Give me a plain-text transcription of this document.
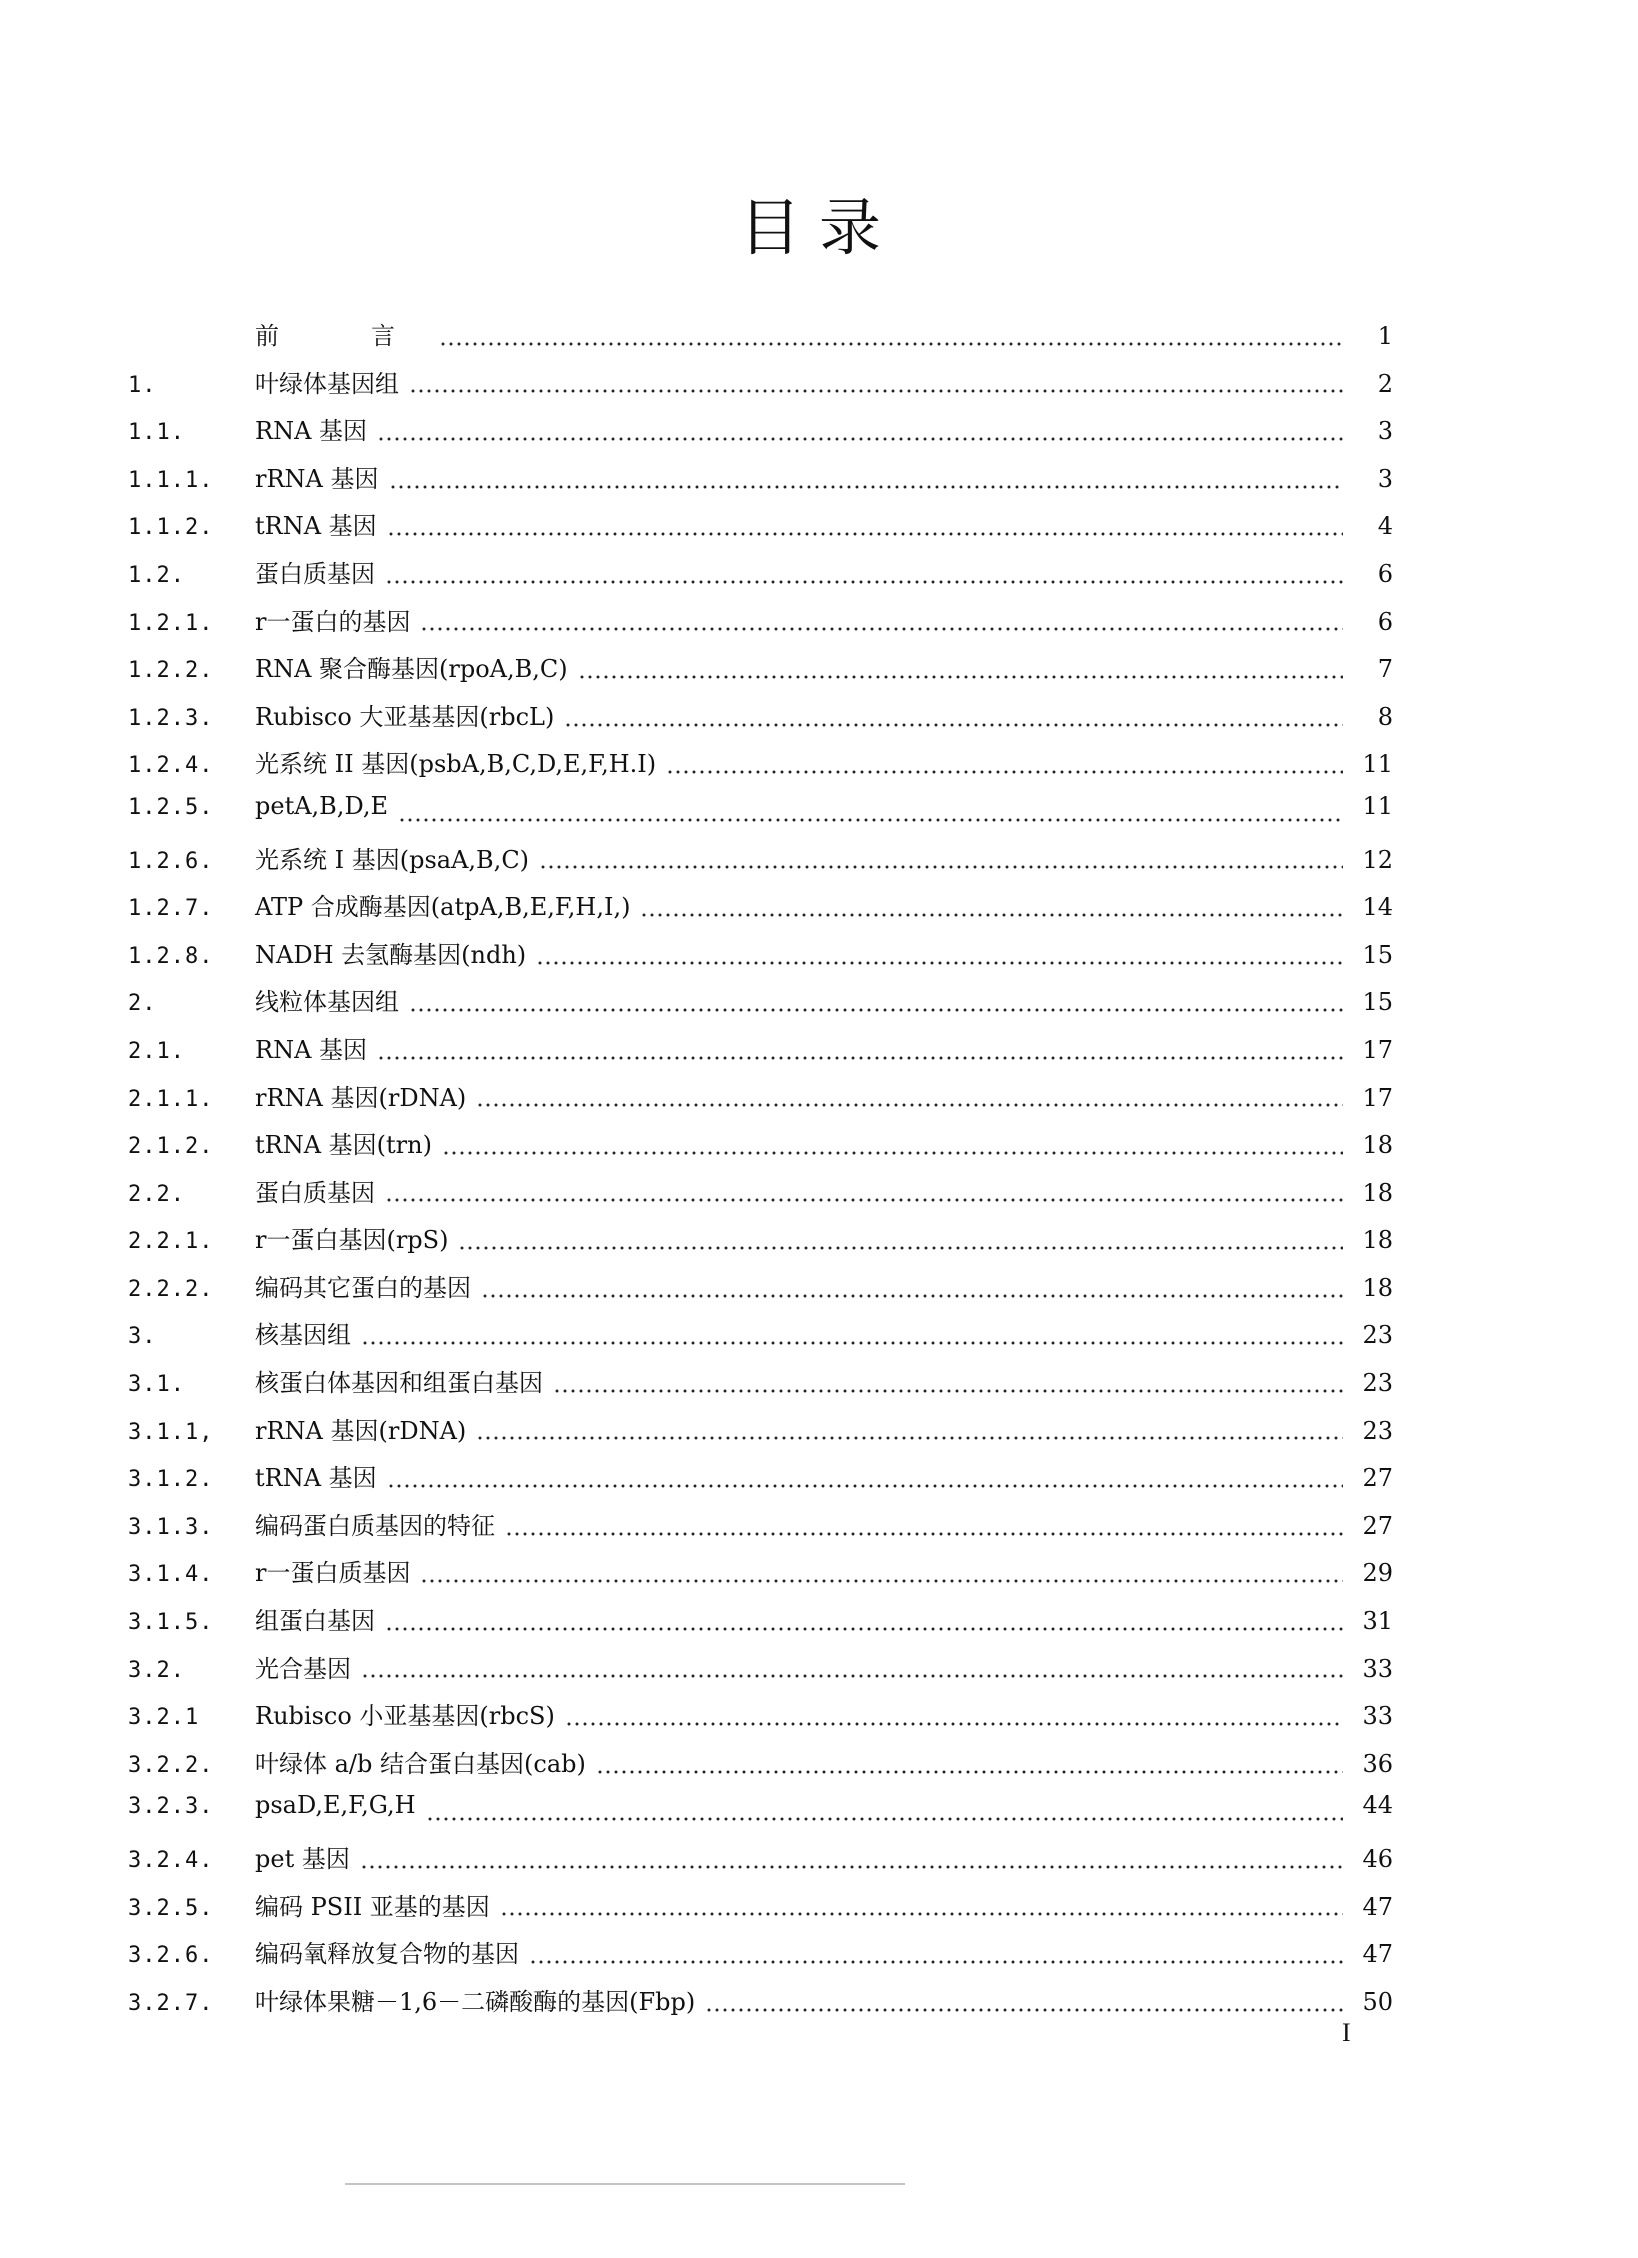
目录
前　言	1
1.	叶绿体基因组	2
1.1.	RNA 基因	3
1.1.1.	rRNA 基因	3
1.1.2.	tRNA 基因	4
1.2.	蛋白质基因	6
1.2.1.	r一蛋白的基因	6
1.2.2.	RNA 聚合酶基因(rpoA,B,C)	7
1.2.3.	Rubisco 大亚基基因(rbcL)	8
1.2.4.	光系统 II 基因(psbA,B,C,D,E,F,H.I)	11
1.2.5.	petA,B,D,E	11
1.2.6.	光系统 I 基因(psaA,B,C)	12
1.2.7.	ATP 合成酶基因(atpA,B,E,F,H,I,)	14
1.2.8.	NADH 去氢酶基因(ndh)	15
2.	线粒体基因组	15
2.1.	RNA 基因	17
2.1.1.	rRNA 基因(rDNA)	17
2.1.2.	tRNA 基因(trn)	18
2.2.	蛋白质基因	18
2.2.1.	r一蛋白基因(rpS)	18
2.2.2.	编码其它蛋白的基因	18
3.	核基因组	23
3.1.	核蛋白体基因和组蛋白基因	23
3.1.1,	rRNA 基因(rDNA)	23
3.1.2.	tRNA 基因	27
3.1.3.	编码蛋白质基因的特征	27
3.1.4.	r一蛋白质基因	29
3.1.5.	组蛋白基因	31
3.2.	光合基因	33
3.2.1	Rubisco 小亚基基因(rbcS)	33
3.2.2.	叶绿体 a/b 结合蛋白基因(cab)	36
3.2.3.	psaD,E,F,G,H	44
3.2.4.	pet 基因	46
3.2.5.	编码 PSII 亚基的基因	47
3.2.6.	编码氧释放复合物的基因	47
3.2.7.	叶绿体果糖－1,6－二磷酸酶的基因(Fbp)	50
I
